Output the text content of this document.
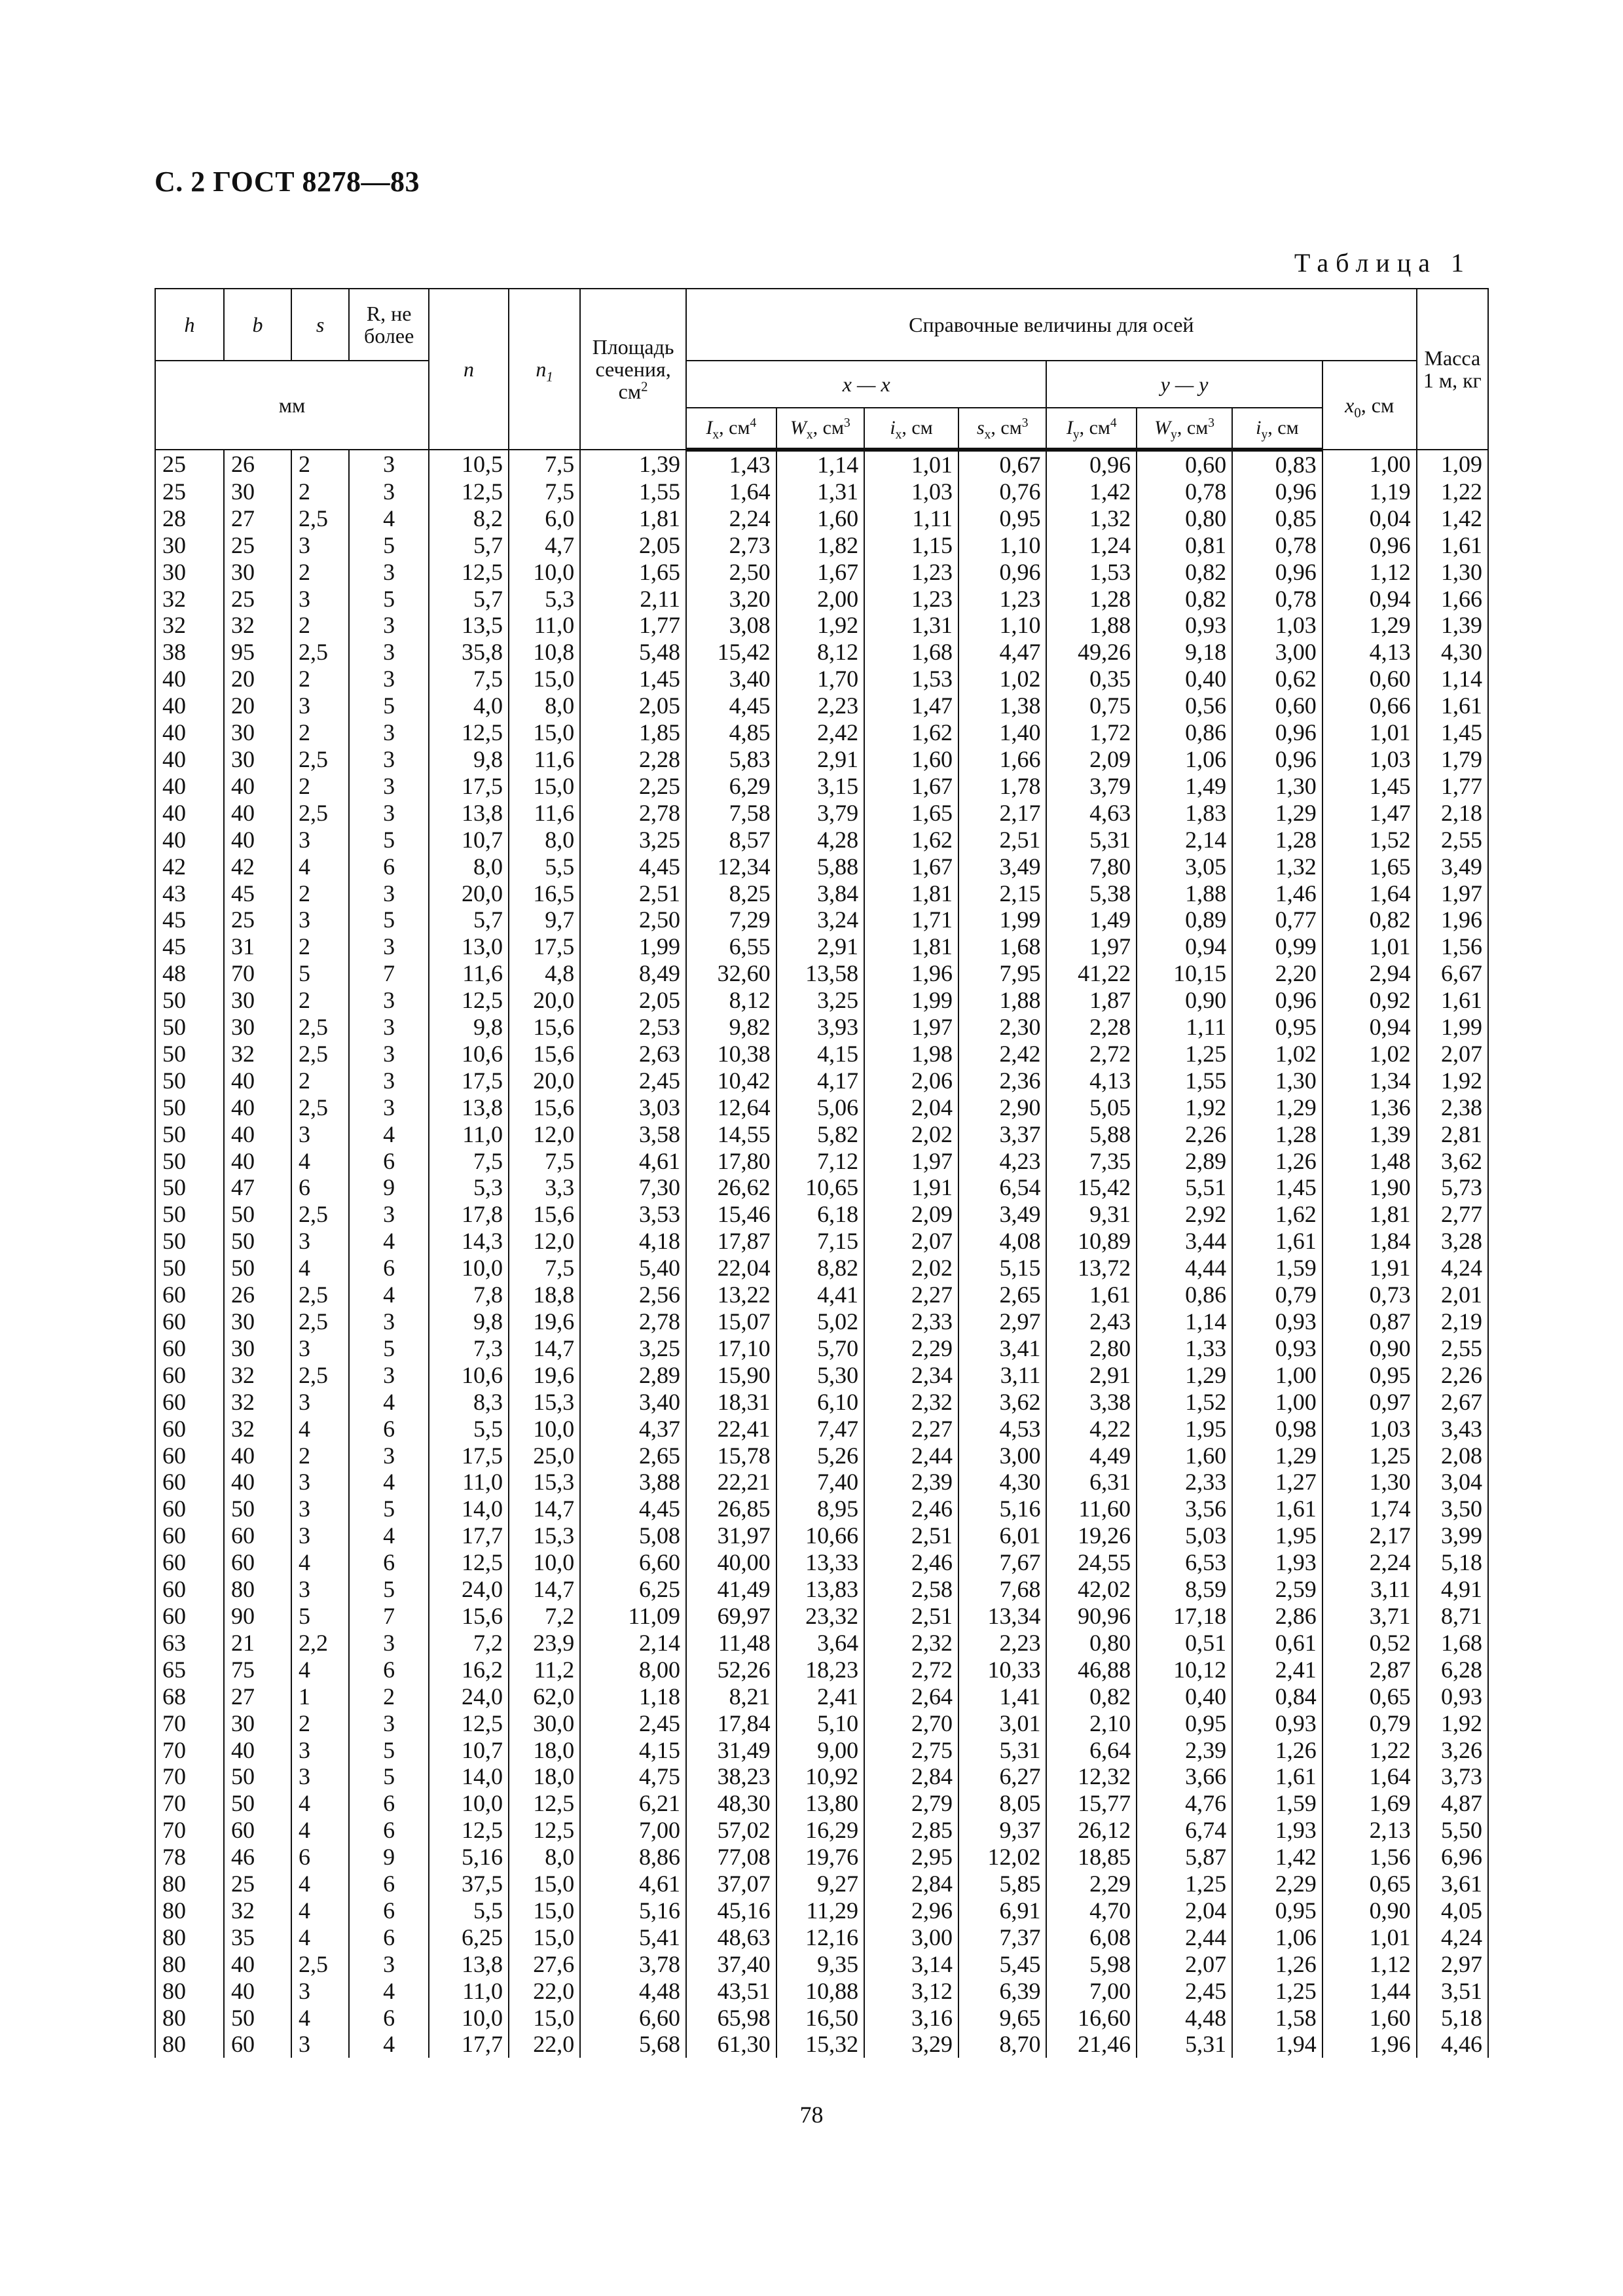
С. 2 ГОСТ 8278—83
Таблица 1
h	b	s	R, не более	n	$n_1$	Площадь
сечения,
$см^2$	Справочные величины для осей								Масса 1 м, кг
мм							x — x				y — y			$x_0$, см	
							$I_x$, $см^4$	$W_x$, $см^3$	$i_x$, см	$s_x$, $см^3$	$I_y$, $см^4$	$W_y$, $см^3$	$i_y$, см		
25	26	2	3	10,5	7,5	1,39	1,43	1,14	1,01	0,67	0,96	0,60	0,83	1,00	1,09
25	30	2	3	12,5	7,5	1,55	1,64	1,31	1,03	0,76	1,42	0,78	0,96	1,19	1,22
28	27	2,5	4	8,2	6,0	1,81	2,24	1,60	1,11	0,95	1,32	0,80	0,85	0,04	1,42
30	25	3	5	5,7	4,7	2,05	2,73	1,82	1,15	1,10	1,24	0,81	0,78	0,96	1,61
30	30	2	3	12,5	10,0	1,65	2,50	1,67	1,23	0,96	1,53	0,82	0,96	1,12	1,30
32	25	3	5	5,7	5,3	2,11	3,20	2,00	1,23	1,23	1,28	0,82	0,78	0,94	1,66
32	32	2	3	13,5	11,0	1,77	3,08	1,92	1,31	1,10	1,88	0,93	1,03	1,29	1,39
38	95	2,5	3	35,8	10,8	5,48	15,42	8,12	1,68	4,47	49,26	9,18	3,00	4,13	4,30
40	20	2	3	7,5	15,0	1,45	3,40	1,70	1,53	1,02	0,35	0,40	0,62	0,60	1,14
40	20	3	5	4,0	8,0	2,05	4,45	2,23	1,47	1,38	0,75	0,56	0,60	0,66	1,61
40	30	2	3	12,5	15,0	1,85	4,85	2,42	1,62	1,40	1,72	0,86	0,96	1,01	1,45
40	30	2,5	3	9,8	11,6	2,28	5,83	2,91	1,60	1,66	2,09	1,06	0,96	1,03	1,79
40	40	2	3	17,5	15,0	2,25	6,29	3,15	1,67	1,78	3,79	1,49	1,30	1,45	1,77
40	40	2,5	3	13,8	11,6	2,78	7,58	3,79	1,65	2,17	4,63	1,83	1,29	1,47	2,18
40	40	3	5	10,7	8,0	3,25	8,57	4,28	1,62	2,51	5,31	2,14	1,28	1,52	2,55
42	42	4	6	8,0	5,5	4,45	12,34	5,88	1,67	3,49	7,80	3,05	1,32	1,65	3,49
43	45	2	3	20,0	16,5	2,51	8,25	3,84	1,81	2,15	5,38	1,88	1,46	1,64	1,97
45	25	3	5	5,7	9,7	2,50	7,29	3,24	1,71	1,99	1,49	0,89	0,77	0,82	1,96
45	31	2	3	13,0	17,5	1,99	6,55	2,91	1,81	1,68	1,97	0,94	0,99	1,01	1,56
48	70	5	7	11,6	4,8	8,49	32,60	13,58	1,96	7,95	41,22	10,15	2,20	2,94	6,67
50	30	2	3	12,5	20,0	2,05	8,12	3,25	1,99	1,88	1,87	0,90	0,96	0,92	1,61
50	30	2,5	3	9,8	15,6	2,53	9,82	3,93	1,97	2,30	2,28	1,11	0,95	0,94	1,99
50	32	2,5	3	10,6	15,6	2,63	10,38	4,15	1,98	2,42	2,72	1,25	1,02	1,02	2,07
50	40	2	3	17,5	20,0	2,45	10,42	4,17	2,06	2,36	4,13	1,55	1,30	1,34	1,92
50	40	2,5	3	13,8	15,6	3,03	12,64	5,06	2,04	2,90	5,05	1,92	1,29	1,36	2,38
50	40	3	4	11,0	12,0	3,58	14,55	5,82	2,02	3,37	5,88	2,26	1,28	1,39	2,81
50	40	4	6	7,5	7,5	4,61	17,80	7,12	1,97	4,23	7,35	2,89	1,26	1,48	3,62
50	47	6	9	5,3	3,3	7,30	26,62	10,65	1,91	6,54	15,42	5,51	1,45	1,90	5,73
50	50	2,5	3	17,8	15,6	3,53	15,46	6,18	2,09	3,49	9,31	2,92	1,62	1,81	2,77
50	50	3	4	14,3	12,0	4,18	17,87	7,15	2,07	4,08	10,89	3,44	1,61	1,84	3,28
50	50	4	6	10,0	7,5	5,40	22,04	8,82	2,02	5,15	13,72	4,44	1,59	1,91	4,24
60	26	2,5	4	7,8	18,8	2,56	13,22	4,41	2,27	2,65	1,61	0,86	0,79	0,73	2,01
60	30	2,5	3	9,8	19,6	2,78	15,07	5,02	2,33	2,97	2,43	1,14	0,93	0,87	2,19
60	30	3	5	7,3	14,7	3,25	17,10	5,70	2,29	3,41	2,80	1,33	0,93	0,90	2,55
60	32	2,5	3	10,6	19,6	2,89	15,90	5,30	2,34	3,11	2,91	1,29	1,00	0,95	2,26
60	32	3	4	8,3	15,3	3,40	18,31	6,10	2,32	3,62	3,38	1,52	1,00	0,97	2,67
60	32	4	6	5,5	10,0	4,37	22,41	7,47	2,27	4,53	4,22	1,95	0,98	1,03	3,43
60	40	2	3	17,5	25,0	2,65	15,78	5,26	2,44	3,00	4,49	1,60	1,29	1,25	2,08
60	40	3	4	11,0	15,3	3,88	22,21	7,40	2,39	4,30	6,31	2,33	1,27	1,30	3,04
60	50	3	5	14,0	14,7	4,45	26,85	8,95	2,46	5,16	11,60	3,56	1,61	1,74	3,50
60	60	3	4	17,7	15,3	5,08	31,97	10,66	2,51	6,01	19,26	5,03	1,95	2,17	3,99
60	60	4	6	12,5	10,0	6,60	40,00	13,33	2,46	7,67	24,55	6,53	1,93	2,24	5,18
60	80	3	5	24,0	14,7	6,25	41,49	13,83	2,58	7,68	42,02	8,59	2,59	3,11	4,91
60	90	5	7	15,6	7,2	11,09	69,97	23,32	2,51	13,34	90,96	17,18	2,86	3,71	8,71
63	21	2,2	3	7,2	23,9	2,14	11,48	3,64	2,32	2,23	0,80	0,51	0,61	0,52	1,68
65	75	4	6	16,2	11,2	8,00	52,26	18,23	2,72	10,33	46,88	10,12	2,41	2,87	6,28
68	27	1	2	24,0	62,0	1,18	8,21	2,41	2,64	1,41	0,82	0,40	0,84	0,65	0,93
70	30	2	3	12,5	30,0	2,45	17,84	5,10	2,70	3,01	2,10	0,95	0,93	0,79	1,92
70	40	3	5	10,7	18,0	4,15	31,49	9,00	2,75	5,31	6,64	2,39	1,26	1,22	3,26
70	50	3	5	14,0	18,0	4,75	38,23	10,92	2,84	6,27	12,32	3,66	1,61	1,64	3,73
70	50	4	6	10,0	12,5	6,21	48,30	13,80	2,79	8,05	15,77	4,76	1,59	1,69	4,87
70	60	4	6	12,5	12,5	7,00	57,02	16,29	2,85	9,37	26,12	6,74	1,93	2,13	5,50
78	46	6	9	5,16	8,0	8,86	77,08	19,76	2,95	12,02	18,85	5,87	1,42	1,56	6,96
80	25	4	6	37,5	15,0	4,61	37,07	9,27	2,84	5,85	2,29	1,25	2,29	0,65	3,61
80	32	4	6	5,5	15,0	5,16	45,16	11,29	2,96	6,91	4,70	2,04	0,95	0,90	4,05
80	35	4	6	6,25	15,0	5,41	48,63	12,16	3,00	7,37	6,08	2,44	1,06	1,01	4,24
80	40	2,5	3	13,8	27,6	3,78	37,40	9,35	3,14	5,45	5,98	2,07	1,26	1,12	2,97
80	40	3	4	11,0	22,0	4,48	43,51	10,88	3,12	6,39	7,00	2,45	1,25	1,44	3,51
80	50	4	6	10,0	15,0	6,60	65,98	16,50	3,16	9,65	16,60	4,48	1,58	1,60	5,18
80	60	3	4	17,7	22,0	5,68	61,30	15,32	3,29	8,70	21,46	5,31	1,94	1,96	4,46
78
